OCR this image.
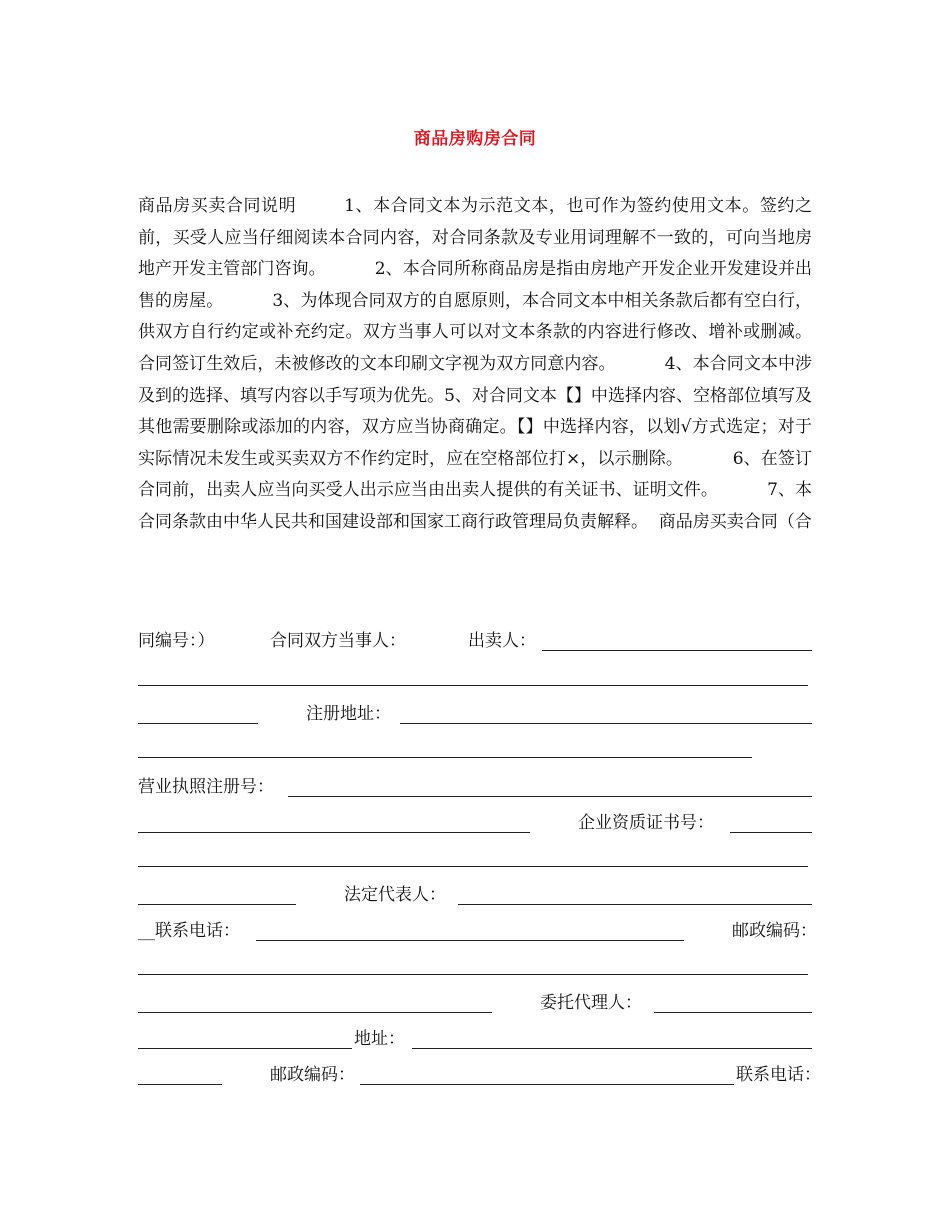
商品房购房合同

商品房买卖合同说明        1、本合同文本为示范文本，也可作为签约使用文本。签约之前，买受人应当仔细阅读本合同内容，对合同条款及专业用词理解不一致的，可向当地房地产开发主管部门咨询。         2、本合同所称商品房是指由房地产开发企业开发建设并出售的房屋。         3、为体现合同双方的自愿原则，本合同文本中相关条款后都有空白行，供双方自行约定或补充约定。双方当事人可以对文本条款的内容进行修改、增补或删减。合同签订生效后，未被修改的文本印刷文字视为双方同意内容。         4、本合同文本中涉及到的选择、填写内容以手写项为优先。5、对合同文本【】中选择内容、空格部位填写及其他需要删除或添加的内容，双方应当协商确定。【】中选择内容，以划√方式选定；对于实际情况未发生或买卖双方不作约定时，应在空格部位打×，以示删除。         6、在签订合同前，出卖人应当向买受人出示应当由出卖人提供的有关证书、证明文件。         7、本合同条款由中华人民共和国建设部和国家工商行政管理局负责解释。  商品房买卖合同（合

同编号：）	合同双方当事人：	出卖人：
注册地址：
营业执照注册号：
企业资质证书号：
法定代表人：
__联系电话：	邮政编码：
委托代理人：
地址：
邮政编码：	联系电话：
